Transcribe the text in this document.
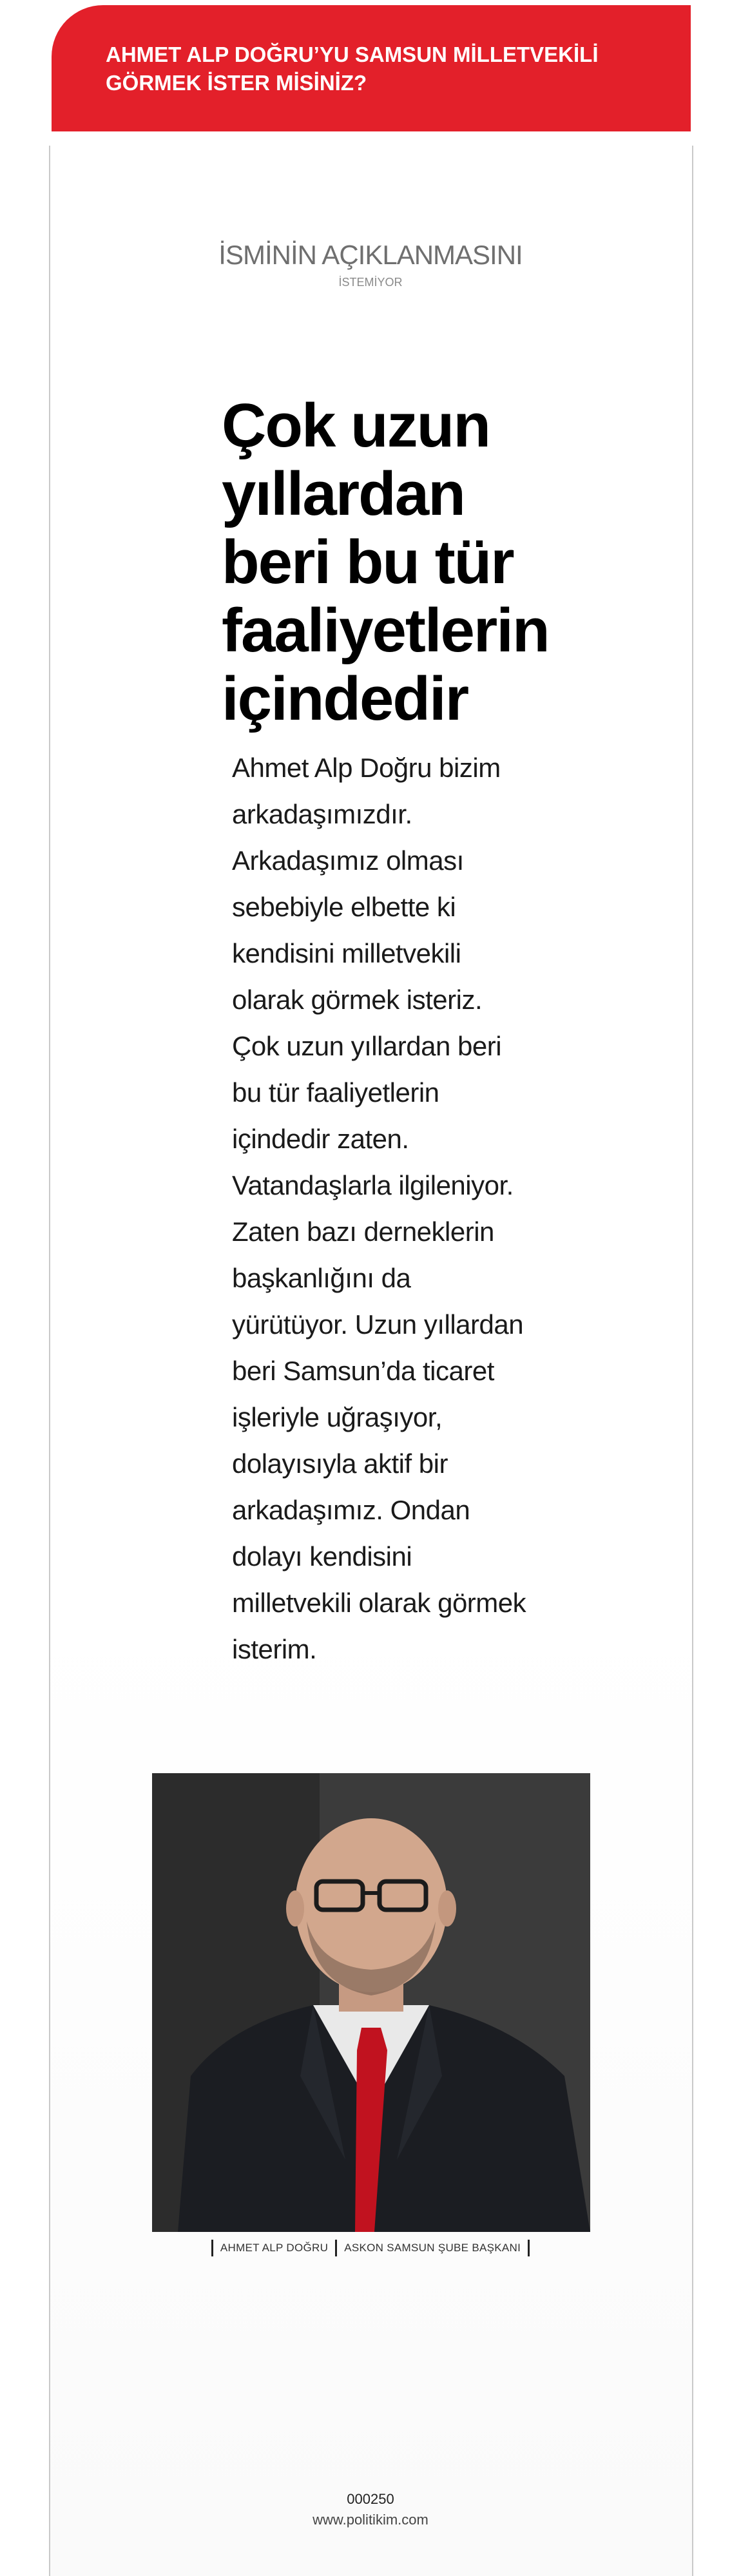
AHMET ALP DOĞRU’YU SAMSUN MİLLETVEKİLİ GÖRMEK İSTER MİSİNİZ?
İSMİNİN AÇIKLANMASINI
İSTEMİYOR
Çok uzun yıllardan beri bu tür faaliyetlerin içindedir

Ahmet Alp Doğru bizim arkadaşımızdır. Arkadaşımız olması sebebiyle elbette ki kendisini milletvekili olarak görmek isteriz. Çok uzun yıllardan beri bu tür faaliyetlerin içindedir zaten. Vatandaşlarla ilgileniyor. Zaten bazı derneklerin başkanlığını da yürütüyor. Uzun yıllardan beri Samsun’da ticaret işleriyle uğraşıyor, dolayısıyla aktif bir arkadaşımız. Ondan dolayı kendisini milletvekili olarak görmek isterim.

AHMET ALP DOĞRU ASKON SAMSUN ŞUBE BAŞKANI
000250
www.politikim.com
